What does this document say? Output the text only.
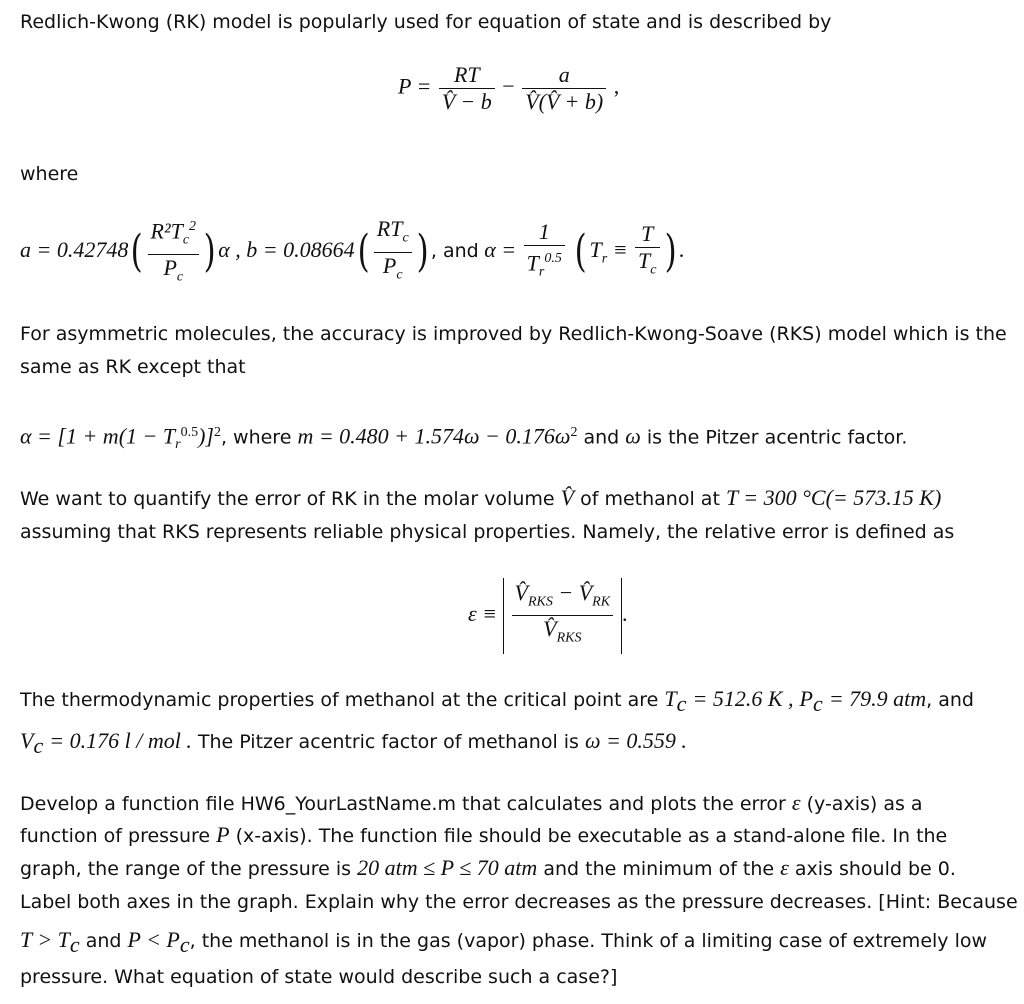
Redlich-Kwong (RK) model is popularly used for equation of state and is described by
$P = \frac{RT}{V̂ - b} - \frac{a}{V̂(V̂ + b)}$ ,
where
$a = 0.42748( \frac{R^2T_c^2}{P_c}$ ) α , $b = 0.08664( \frac{RT_c}{P_c}$ ) , and $\alpha = \frac{1}{T_r^{0.5}}$ ( $T_r \equiv \frac{T}{T_c}$ ) .
For asymmetric molecules, the accuracy is improved by Redlich-Kwong-Soave (RKS) model which is the
same as RK except that
$\alpha = [1 + m(1 - T_r^{0.5})]^2$, where $m = 0.480 + 1.574\omega - 0.176\omega^2$ and ω is the Pitzer acentric factor.
We want to quantify the error of RK in the molar volume V̂ of methanol at T = 300 °C(= 573.15 K)
assuming that RKS represents reliable physical properties. Namely, the relative error is defined as
$\varepsilon \equiv \frac{V̂_{RKS} - V̂_{RK}}{V̂_{RKS}}$ .
The thermodynamic properties of methanol at the critical point are $T_c = 512.6$ K , $P_c = 79.9$ atm, and
$V_c = 0.176$ l / mol . The Pitzer acentric factor of methanol is ω = 0.559 .
Develop a function file HW6_YourLastName.m that calculates and plots the error ε (y-axis) as a
function of pressure P (x-axis). The function file should be executable as a stand-alone file. In the
graph, the range of the pressure is 20 atm ≤ P ≤ 70 atm and the minimum of the ε axis should be 0.
Label both axes in the graph. Explain why the error decreases as the pressure decreases. [Hint: Because
$T > T_c$ and $P < P_c$, the methanol is in the gas (vapor) phase. Think of a limiting case of extremely low
pressure. What equation of state would describe such a case?]
